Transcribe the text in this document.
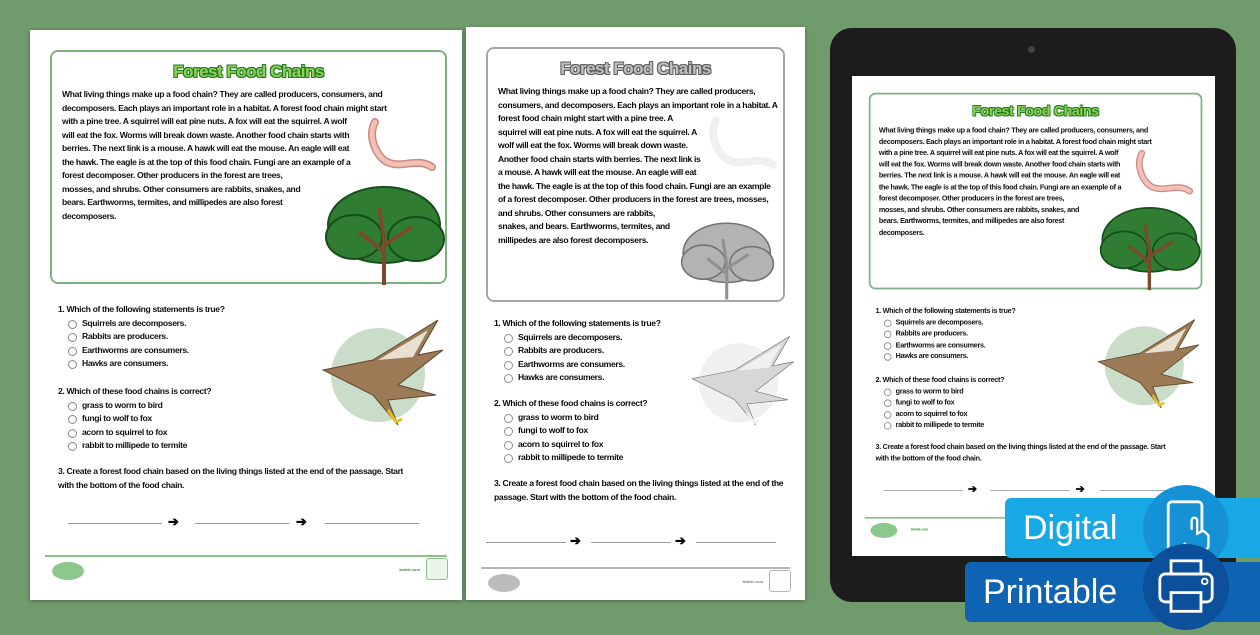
Forest Food Chains
What living things make up a food chain? They are called producers, consumers, and decomposers. Each plays an important role in a habitat. A forest food chain might start with a pine tree. A squirrel will eat pine nuts. A fox will eat the squirrel. A wolf will eat the fox. Worms will break down waste. Another food chain starts with berries. The next link is a mouse. A hawk will eat the mouse. An eagle will eat the hawk. The eagle is at the top of this food chain. Fungi are an example of a forest decomposer. Other producers in the forest are trees, mosses, and shrubs. Other consumers are rabbits, snakes, and bears. Earthworms, termites, and millipedes are also forest decomposers.
1. Which of the following statements is true?
Squirrels are decomposers.
Rabbits are producers.
Earthworms are consumers.
Hawks are consumers.
2. Which of these food chains is correct?
grass to worm to bird
fungi to wolf to fox
acorn to squirrel to fox
rabbit to millipede to termite
3. Create a forest food chain based on the living things listed at the end of the passage. Start with the bottom of the food chain.
➔	➔
twinkl.com
Forest Food Chains
What living things make up a food chain? They are called producers, consumers, and decomposers. Each plays an important role in a habitat. A forest food chain might start with a pine tree. A squirrel will eat pine nuts. A fox will eat the squirrel. A wolf will eat the fox. Worms will break down waste. Another food chain starts with berries. The next link is a mouse. A hawk will eat the mouse. An eagle will eat the hawk. The eagle is at the top of this food chain. Fungi are an example of a forest decomposer. Other producers in the forest are trees, mosses, and shrubs. Other consumers are rabbits, snakes, and bears. Earthworms, termites, and millipedes are also forest decomposers.
1. Which of the following statements is true?
Squirrels are decomposers.
Rabbits are producers.
Earthworms are consumers.
Hawks are consumers.
2. Which of these food chains is correct?
grass to worm to bird
fungi to wolf to fox
acorn to squirrel to fox
rabbit to millipede to termite
3. Create a forest food chain based on the living things listed at the end of the passage. Start with the bottom of the food chain.
➔	➔
twinkl.com
Forest Food Chains
What living things make up a food chain? They are called producers, consumers, and decomposers. Each plays an important role in a habitat. A forest food chain might start with a pine tree. A squirrel will eat pine nuts. A fox will eat the squirrel. A wolf will eat the fox. Worms will break down waste. Another food chain starts with berries. The next link is a mouse. A hawk will eat the mouse. An eagle will eat the hawk. The eagle is at the top of this food chain. Fungi are an example of a forest decomposer. Other producers in the forest are trees, mosses, and shrubs. Other consumers are rabbits, snakes, and bears. Earthworms, termites, and millipedes are also forest decomposers.
1. Which of the following statements is true?
Squirrels are decomposers.
Rabbits are producers.
Earthworms are consumers.
Hawks are consumers.
2. Which of these food chains is correct?
grass to worm to bird
fungi to wolf to fox
acorn to squirrel to fox
rabbit to millipede to termite
3. Create a forest food chain based on the living things listed at the end of the passage. Start with the bottom of the food chain.
➔	➔
twinkl.com	Digital
Printable
